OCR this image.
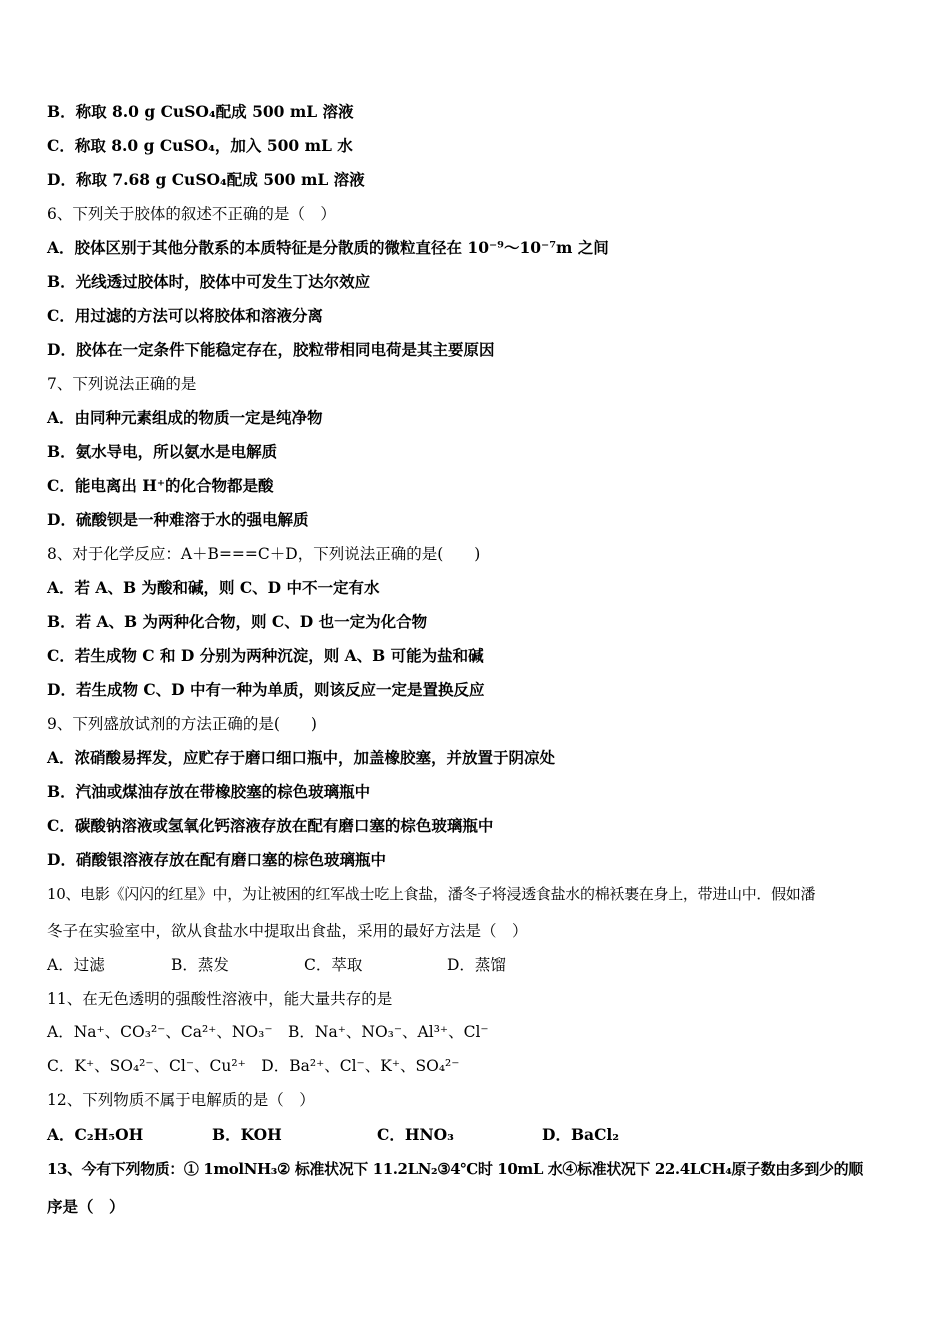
B．称取 8.0 g CuSO₄配成 500 mL 溶液
C．称取 8.0 g CuSO₄，加入 500 mL 水
D．称取 7.68 g CuSO₄配成 500 mL 溶液
6、下列关于胶体的叙述不正确的是（　）
A．胶体区别于其他分散系的本质特征是分散质的微粒直径在 10⁻⁹～10⁻⁷m 之间
B．光线透过胶体时，胶体中可发生丁达尔效应
C．用过滤的方法可以将胶体和溶液分离
D．胶体在一定条件下能稳定存在，胶粒带相同电荷是其主要原因
7、下列说法正确的是
A．由同种元素组成的物质一定是纯净物
B．氨水导电，所以氨水是电解质
C．能电离出 H⁺的化合物都是酸
D．硫酸钡是一种难溶于水的强电解质
8、对于化学反应：A＋B===C＋D，下列说法正确的是(　　)
A．若 A、B 为酸和碱，则 C、D 中不一定有水
B．若 A、B 为两种化合物，则 C、D 也一定为化合物
C．若生成物 C 和 D 分别为两种沉淀，则 A、B 可能为盐和碱
D．若生成物 C、D 中有一种为单质，则该反应一定是置换反应
9、下列盛放试剂的方法正确的是(　　)
A．浓硝酸易挥发，应贮存于磨口细口瓶中，加盖橡胶塞，并放置于阴凉处
B．汽油或煤油存放在带橡胶塞的棕色玻璃瓶中
C．碳酸钠溶液或氢氧化钙溶液存放在配有磨口塞的棕色玻璃瓶中
D．硝酸银溶液存放在配有磨口塞的棕色玻璃瓶中
10、电影《闪闪的红星》中，为让被困的红军战士吃上食盐，潘冬子将浸透食盐水的棉袄裹在身上，带进山中．假如潘
冬子在实验室中，欲从食盐水中提取出食盐，采用的最好方法是（　）
A．过滤	B．蒸发	C．萃取	D．蒸馏
11、在无色透明的强酸性溶液中，能大量共存的是
A．Na⁺、CO₃²⁻、Ca²⁺、NO₃⁻　B．Na⁺、NO₃⁻、Al³⁺、Cl⁻
C．K⁺、SO₄²⁻、Cl⁻、Cu²⁺　D．Ba²⁺、Cl⁻、K⁺、SO₄²⁻
12、下列物质不属于电解质的是（　）
A．C₂H₅OH	B．KOH	C．HNO₃	D．BaCl₂
13、今有下列物质：① 1molNH₃② 标准状况下 11.2LN₂③4℃时 10mL 水④标准状况下 22.4LCH₄原子数由多到少的顺
序是（　）
